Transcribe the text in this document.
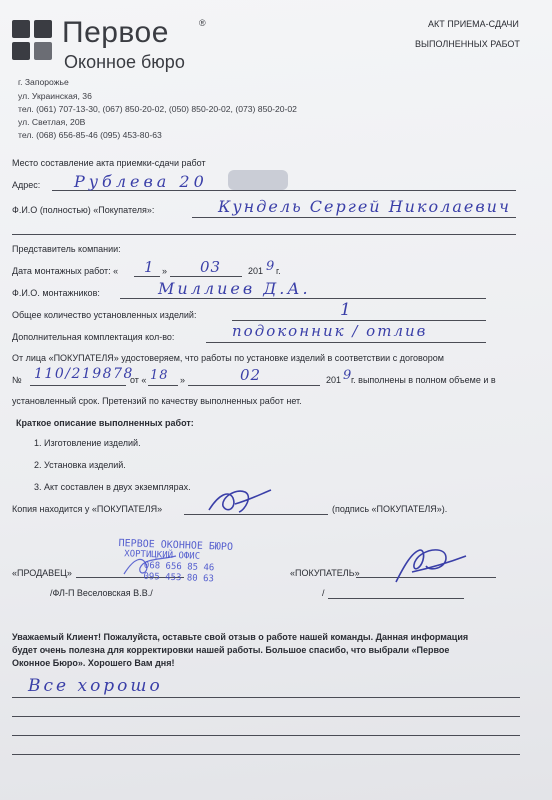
Первое	®
Оконное бюро
АКТ ПРИЕМА-СДАЧИ
ВЫПОЛНЕННЫХ РАБОТ
г. Запорожье
ул. Украинская, 36
тел. (061) 707-13-30, (067) 850-20-02, (050) 850-20-02, (073) 850-20-02
ул. Светлая, 20В
тел. (068) 656-85-46 (095) 453-80-63
Место составление акта приемки-сдачи работ
Адрес: Рублева 20
Ф.И.О (полностью) «Покупателя»:	Кундель Сергей Николаевич
Представитель компании:
Дата монтажных работ: « 1 » 03	201 9 г.
Ф.И.О. монтажников:	Миллиев Д.А.
Общее количество установленных изделий:	1
Дополнительная комплектация кол-во:	подоконник / отлив
От лица «ПОКУПАТЕЛЯ» удостоверяем, что работы по установке изделий в соответствии с договором
№ 110/219878
от « 18 »	02	201 9
г. выполнены в полном объеме и в
установленный срок. Претензий по качеству выполненных работ нет.
Краткое описание выполненных работ:
1. Изготовление изделий.
2. Установка изделий.
3. Акт составлен в двух экземплярах.
Копия находится у «ПОКУПАТЕЛЯ»	(подпись «ПОКУПАТЕЛЯ»).
«ПРОДАВЕЦ»
/ФЛ-П Веселовская В.В./
«ПОКУПАТЕЛЬ»
/
ПЕРВОЕ ОКОННОЕ БЮРО
ХОРТИЦКИЙ ОФИС
068 656 85 46
095 453 80 63
Уважаемый Клиент! Пожалуйста, оставьте свой отзыв о работе нашей команды. Данная информация
будет очень полезна для корректировки нашей работы. Большое спасибо, что выбрали «Первое
Оконное Бюро». Хорошего Вам дня!
Все хорошо
